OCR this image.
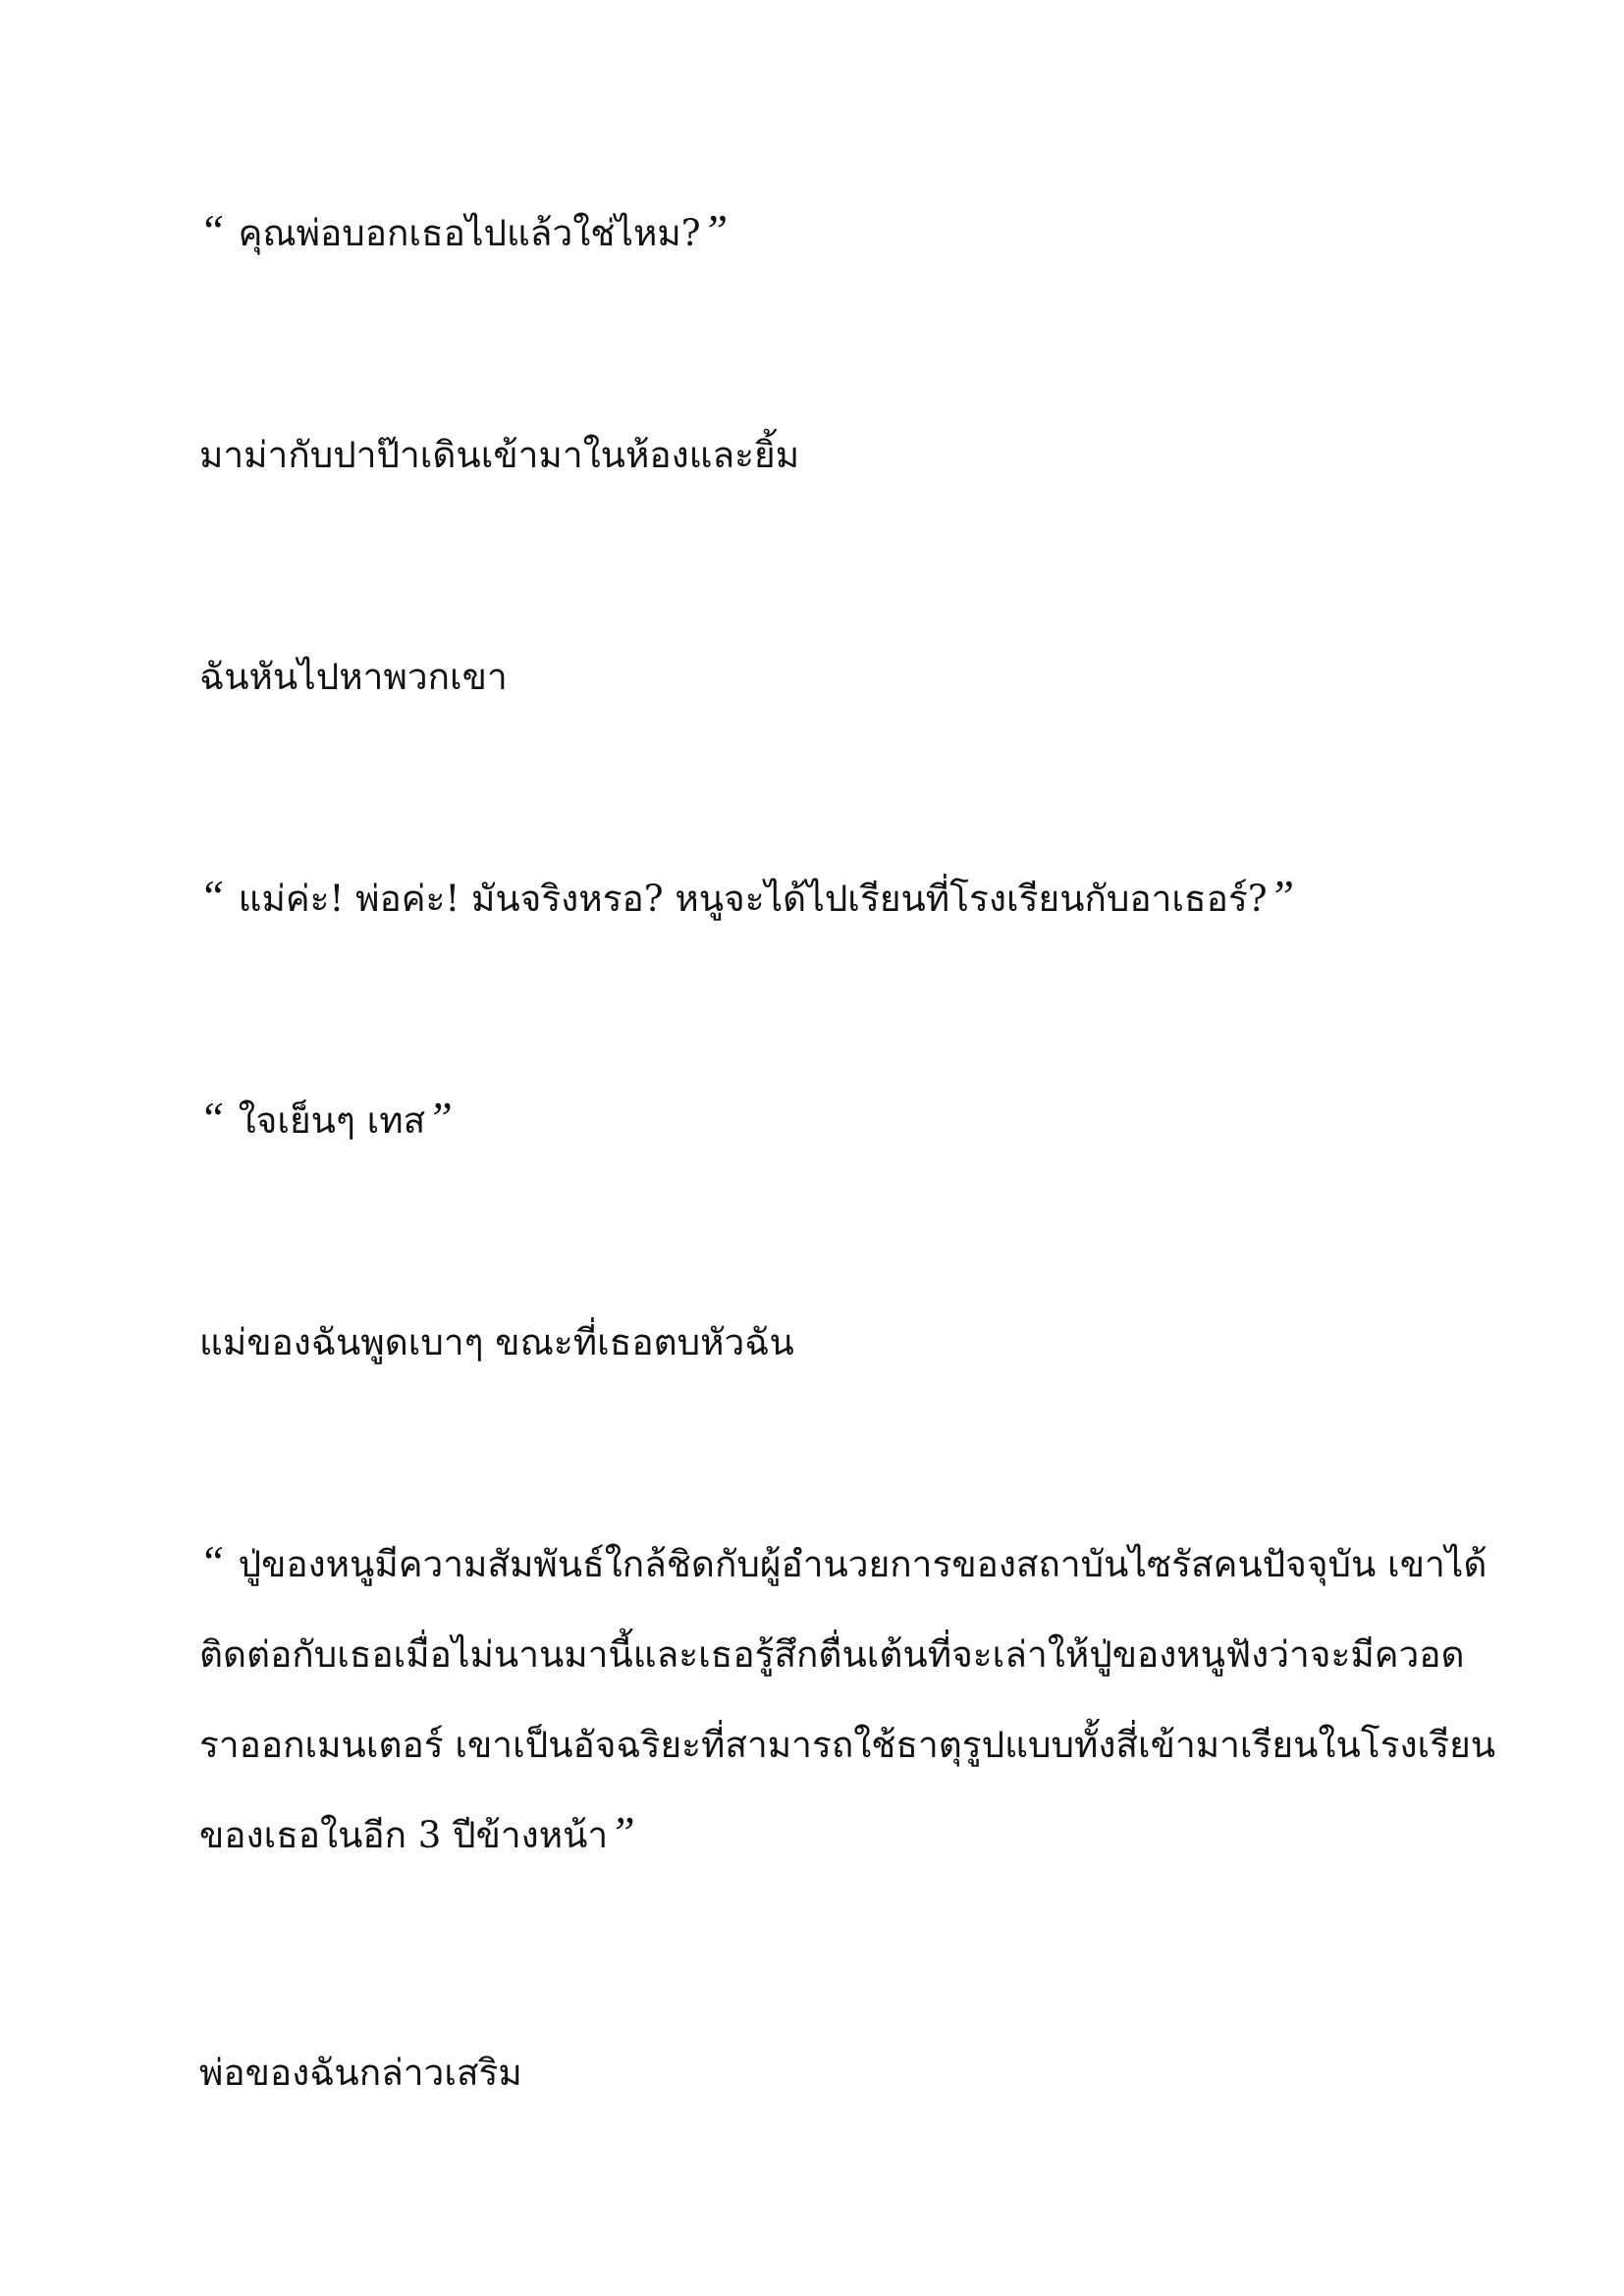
“ คุณพ่อบอกเธอไปแล้วใช่ไหม?”

มาม่ากับปาป๊าเดินเข้ามาในห้องและยิ้ม

ฉันหันไปหาพวกเขา

“ แม่ค่ะ! พ่อค่ะ! มันจริงหรอ? หนูจะได้ไปเรียนที่โรงเรียนกับอาเธอร์?”

“ ใจเย็นๆ เทส”

แม่ของฉันพูดเบาๆ ขณะที่เธอตบหัวฉัน

“ ปู่ของหนูมีความสัมพันธ์ใกล้ชิดกับผู้อำนวยการของสถาบันไซรัสคนปัจจุบัน เขาได้
ติดต่อกับเธอเมื่อไม่นานมานี้และเธอรู้สึกตื่นเต้นที่จะเล่าให้ปู่ของหนูฟังว่าจะมีควอด
ราออกเมนเตอร์ เขาเป็นอัจฉริยะที่สามารถใช้ธาตุรูปแบบทั้งสี่เข้ามาเรียนในโรงเรียน
ของเธอในอีก 3 ปีข้างหน้า”

พ่อของฉันกล่าวเสริม
